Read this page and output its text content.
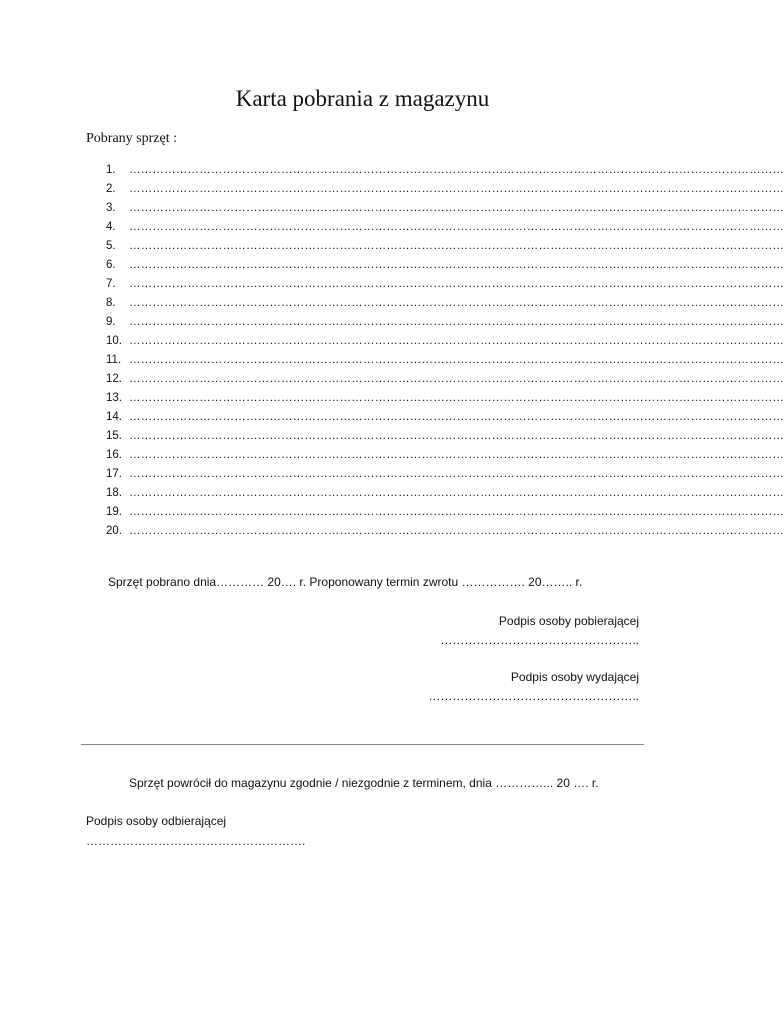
Karta pobrania z magazynu
Pobrany sprzęt :
1.	……………………………………………………………………………………………………………………………………………………
2.	……………………………………………………………………………………………………………………………………………………
3.	……………………………………………………………………………………………………………………………………………………
4.	……………………………………………………………………………………………………………………………………………………
5.	……………………………………………………………………………………………………………………………………………………
6.	……………………………………………………………………………………………………………………………………………………
7.	……………………………………………………………………………………………………………………………………………………
8.	……………………………………………………………………………………………………………………………………………………
9.	……………………………………………………………………………………………………………………………………………………
10. ……………………………………………………………………………………………………………………………………………………
11. ……………………………………………………………………………………………………………………………………………………
12. ……………………………………………………………………………………………………………………………………………………
13. ……………………………………………………………………………………………………………………………………………………
14. ……………………………………………………………………………………………………………………………………………………
15. ……………………………………………………………………………………………………………………………………………………
16. ……………………………………………………………………………………………………………………………………………………
17. ……………………………………………………………………………………………………………………………………………………
18. ……………………………………………………………………………………………………………………………………………………
19. ……………………………………………………………………………………………………………………………………………………
20. ……………………………………………………………………………………………………………………………………………………
Sprzęt pobrano dnia………… 20…. r. Proponowany termin zwrotu ……………. 20…….. r.
Podpis osoby pobierającej
…………………………………………..
Podpis osoby wydającej
……………………………………………..
Sprzęt powrócił do magazynu zgodnie / niezgodnie z terminem, dnia …………... 20 …. r.
Podpis osoby odbierającej
……………………………………………….
